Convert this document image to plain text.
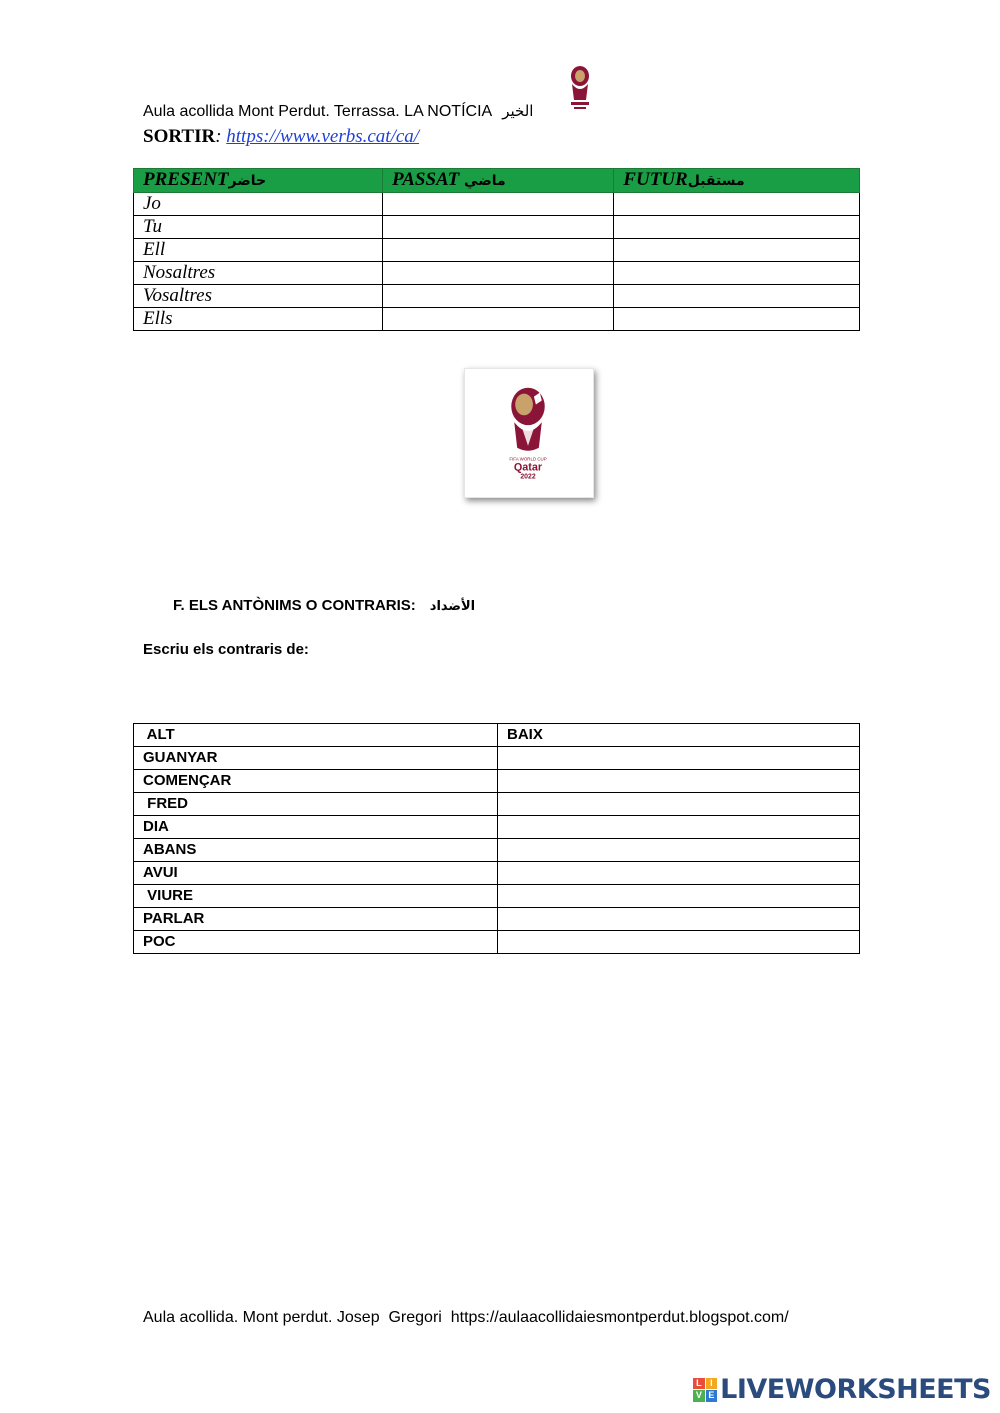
Aula acollida Mont Perdut. Terrassa. LA NOTÍCIA الخير
SORTIR: https://www.verbs.cat/ca/
PRESENTحاضر	PASSAT ماضي	FUTURمستقبل
Jo		
Tu		
Ell		
Nosaltres		
Vosaltres		
Ells		
FIFA WORLD CUP
Qatar
2022
F. ELS ANTÒNIMS O CONTRARIS: الأضداد
Escriu els contraris de:
ALT	BAIX
GUANYAR	
COMENÇAR	
FRED	
DIA	
ABANS	
AVUI	
VIURE	
PARLAR	
POC	
Aula acollida. Mont perdut. Josep  Gregori  https://aulaacollidaiesmontperdut.blogspot.com/
L I
V E LIVEWORKSHEETS
